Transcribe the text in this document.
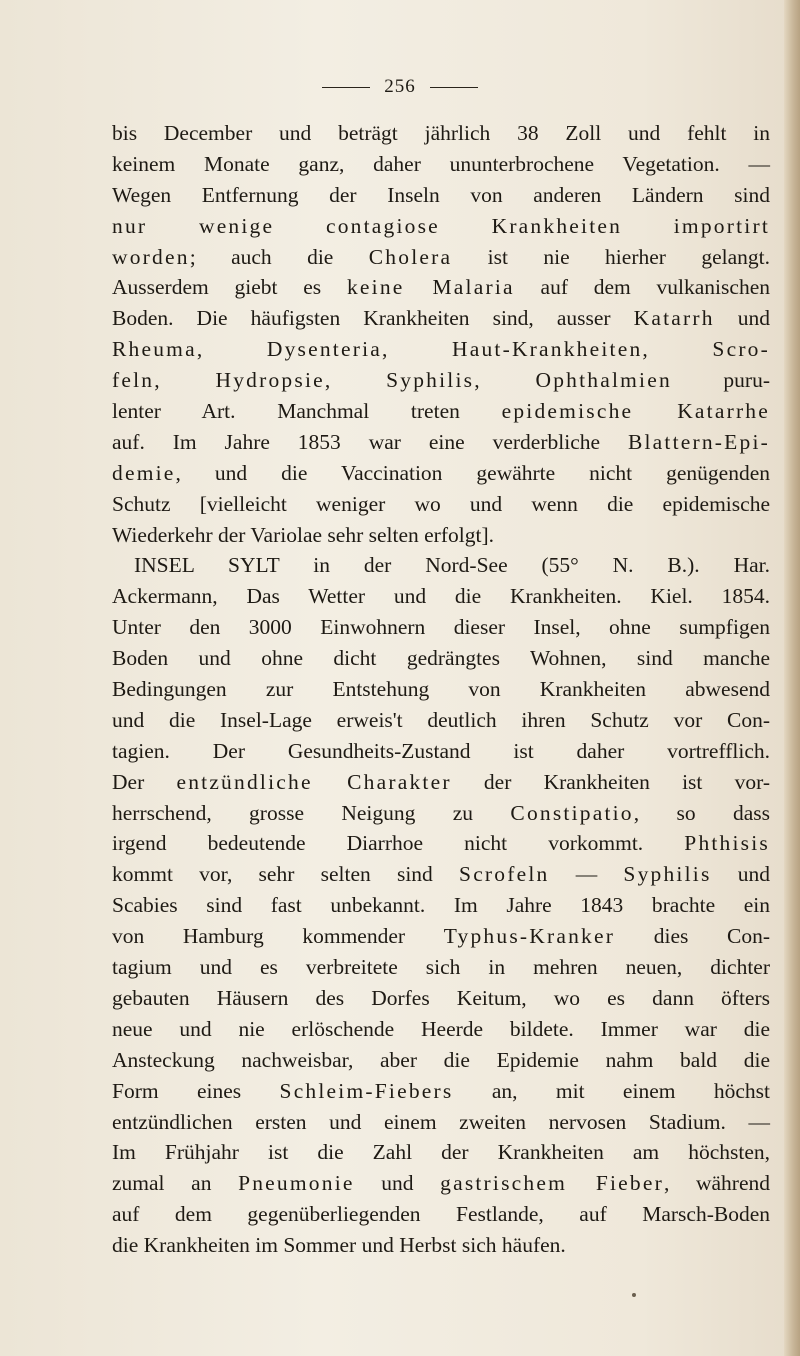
256
bis December und beträgt jährlich 38 Zoll und fehlt in
keinem Monate ganz, daher ununterbrochene Vegetation. —
Wegen Entfernung der Inseln von anderen Ländern sind
nur wenige contagiose Krankheiten importirt
worden; auch die Cholera ist nie hierher gelangt.
Ausserdem giebt es keine Malaria auf dem vulkanischen
Boden. Die häufigsten Krankheiten sind, ausser Katarrh und
Rheuma, Dysenteria, Haut-Krankheiten, Scro-
feln, Hydropsie, Syphilis, Ophthalmien puru-
lenter Art. Manchmal treten epidemische Katarrhe
auf. Im Jahre 1853 war eine verderbliche Blattern-Epi-
demie, und die Vaccination gewährte nicht genügenden
Schutz [vielleicht weniger wo und wenn die epidemische
Wiederkehr der Variolae sehr selten erfolgt].
INSEL SYLT in der Nord-See (55° N. B.). Har.
Ackermann, Das Wetter und die Krankheiten. Kiel. 1854.
Unter den 3000 Einwohnern dieser Insel, ohne sumpfigen
Boden und ohne dicht gedrängtes Wohnen, sind manche
Bedingungen zur Entstehung von Krankheiten abwesend
und die Insel-Lage erweis't deutlich ihren Schutz vor Con-
tagien. Der Gesundheits-Zustand ist daher vortrefflich.
Der entzündliche Charakter der Krankheiten ist vor-
herrschend, grosse Neigung zu Constipatio, so dass
irgend bedeutende Diarrhoe nicht vorkommt. Phthisis
kommt vor, sehr selten sind Scrofeln — Syphilis und
Scabies sind fast unbekannt. Im Jahre 1843 brachte ein
von Hamburg kommender Typhus-Kranker dies Con-
tagium und es verbreitete sich in mehren neuen, dichter
gebauten Häusern des Dorfes Keitum, wo es dann öfters
neue und nie erlöschende Heerde bildete. Immer war die
Ansteckung nachweisbar, aber die Epidemie nahm bald die
Form eines Schleim-Fiebers an, mit einem höchst
entzündlichen ersten und einem zweiten nervosen Stadium. —
Im Frühjahr ist die Zahl der Krankheiten am höchsten,
zumal an Pneumonie und gastrischem Fieber, während
auf dem gegenüberliegenden Festlande, auf Marsch-Boden
die Krankheiten im Sommer und Herbst sich häufen.
